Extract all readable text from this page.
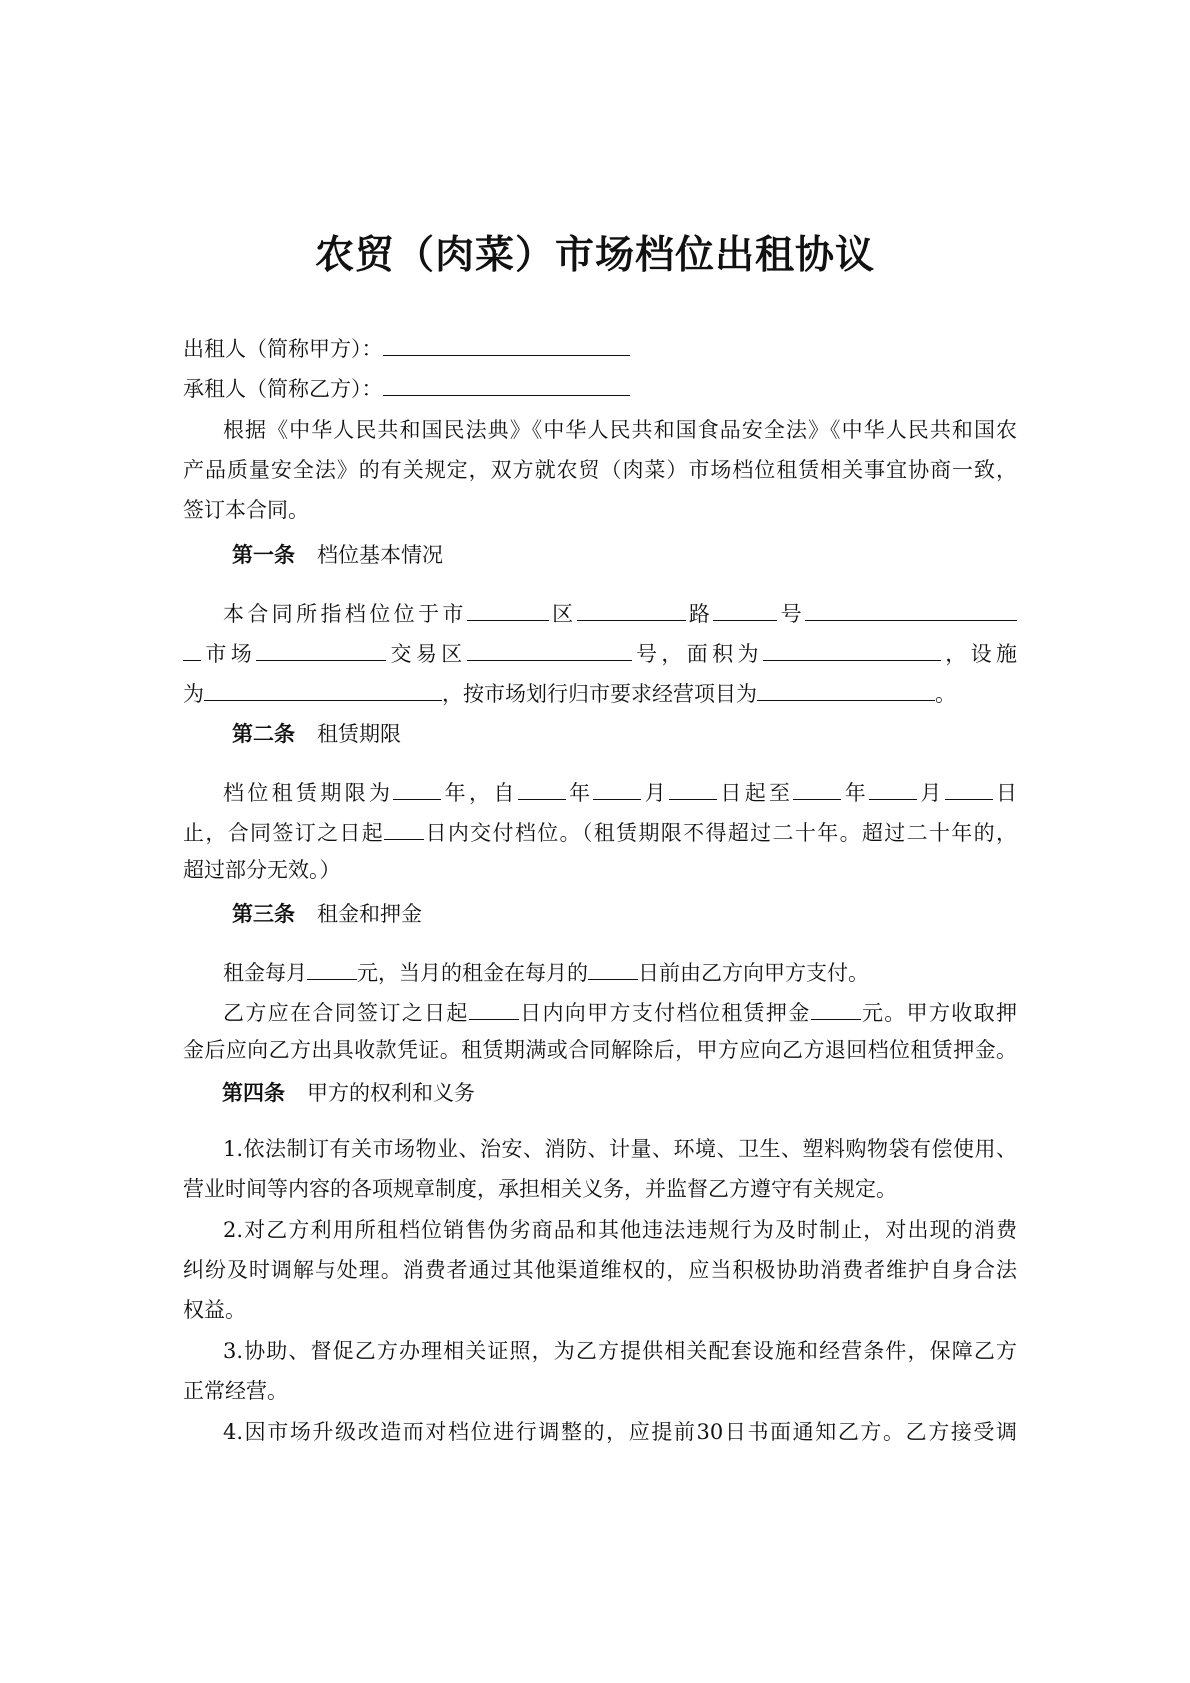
农贸（肉菜）市场档位出租协议
出租人（简称甲方）：
承租人（简称乙方）：
根据《中华人民共和国民法典》《中华人民共和国食品安全法》《中华人民共和国农
产品质量安全法》的有关规定，双方就农贸（肉菜）市场档位租赁相关事宜协商一致，
签订本合同。
第一条 档位基本情况
本合同所指档位位于市	区	路	号
市场	交易区	号，面积为	，设施
为	，按市场划行归市要求经营项目为	。
第二条 租赁期限
档位租赁期限为 年，自 年 月 日起至 年 月 日
止，合同签订之日起 日内交付档位。（租赁期限不得超过二十年。超过二十年的，
超过部分无效。）
第三条 租金和押金
租金每月 元，当月的租金在每月的 日前由乙方向甲方支付。
乙方应在合同签订之日起 日内向甲方支付档位租赁押金 元。甲方收取押
金后应向乙方出具收款凭证。租赁期满或合同解除后，甲方应向乙方退回档位租赁押金。
第四条 甲方的权利和义务
1.依法制订有关市场物业、治安、消防、计量、环境、卫生、塑料购物袋有偿使用、
营业时间等内容的各项规章制度，承担相关义务，并监督乙方遵守有关规定。
2.对乙方利用所租档位销售伪劣商品和其他违法违规行为及时制止，对出现的消费
纠纷及时调解与处理。消费者通过其他渠道维权的，应当积极协助消费者维护自身合法
权益。
3.协助、督促乙方办理相关证照，为乙方提供相关配套设施和经营条件，保障乙方
正常经营。
4.因市场升级改造而对档位进行调整的，应提前30日书面通知乙方。乙方接受调
